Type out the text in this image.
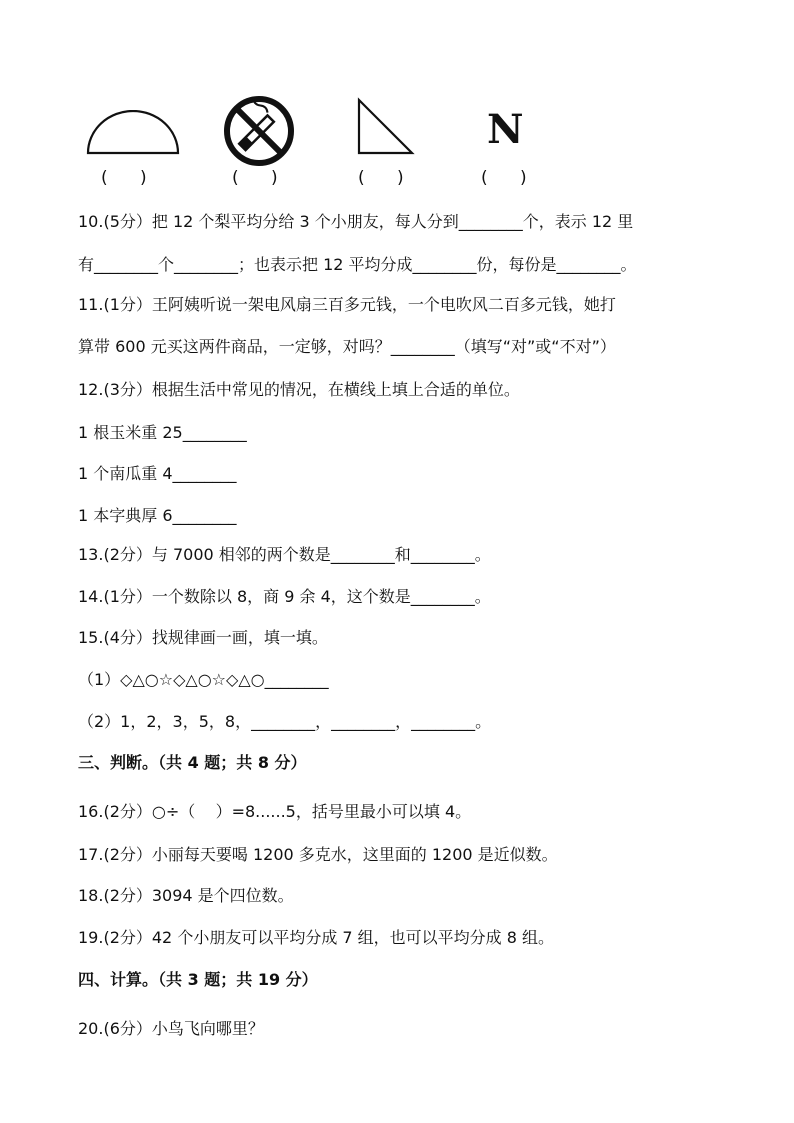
N
(      )	(      )	(      )	(      )
10.(5分）把 12 个梨平均分给 3 个小朋友，每人分到________个，表示 12 里
有________个________；也表示把 12 平均分成________份，每份是________。
11.(1分）王阿姨听说一架电风扇三百多元钱，一个电吹风二百多元钱，她打
算带 600 元买这两件商品，一定够，对吗？________（填写“对”或“不对”）
12.(3分）根据生活中常见的情况，在横线上填上合适的单位。
1 根玉米重 25________
1 个南瓜重 4________
1 本字典厚 6________
13.(2分）与 7000 相邻的两个数是________和________。
14.(1分）一个数除以 8，商 9 余 4，这个数是________。
15.(4分）找规律画一画，填一填。
（1）◇△○☆◇△○☆◇△○________
（2）1，2，3，5，8，________，________，________。
三、判断。（共 4 题；共 8 分）
16.(2分）○÷（    ）=8......5，括号里最小可以填 4。
17.(2分）小丽每天要喝 1200 多克水，这里面的 1200 是近似数。
18.(2分）3094 是个四位数。
19.(2分）42 个小朋友可以平均分成 7 组，也可以平均分成 8 组。
四、计算。（共 3 题；共 19 分）
20.(6分）小鸟飞向哪里？
